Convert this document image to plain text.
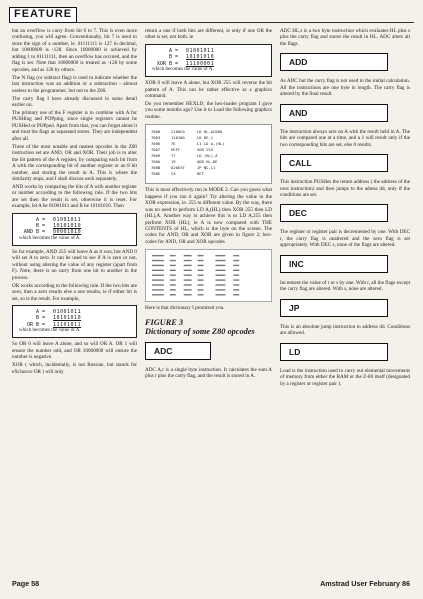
FEATURE

but an overflow is carry from bit 6 to 7. This is even more confusing, you will agree. Conventionally, bit 7 is used to store the sign of a number, ie. 01111111 is 127 in decimal, but 10000000 is -128. Since 10000000 is achieved by adding 1 to 01111111, then an overflow has occured, and the flag is set. Note that 10000000 is treated as -128 by some opcodes, and as 128 by others.

The N flag (or subtract flag) is used to indicate whether the last instruction was an addition or a subtraction - almost useless to the programmer, but not to the Z80.

The carry flag I have already discussed in some detail earlier on.

The primary use of the F register is to combine with A for PUSHing and POPping, since single registers cannot be PUSHed or POPped. Apart from that, you can forget about it and treat the flags as separated stores. They are independent after all.

Three of the most notable and neatest opcodes in the Z80 instruction set are AND, OR and XOR. Their job is to alter the bit pattern of the A register, by comparing each bit from A with the corresponding bit of another register or an 8 bit number, and storing the result in A. This is where the similarity stops, and I shall discuss each separately.

AND works by comparing the bits of A with another register or number according to the following rule. If the two bits are set then the result is set, otherwise it is reset. For example, let A be 01001011 and B be 10101010. Then

A =	01001011
B =	10101010
AND B =	00001010
which becomes the value of A.

So for example, AND 255 will leave A as it was, but AND 0 will set A to zero. It can be used to see if A is zero or not, without using altering the value of any register (apart from F). Note, there is no carry from one bit to another in the process.

OR works according to the following rule. If the two bits are zero, then a zero results else a one results, ie if either bit is set, so is the result. For example,

A =	01001011
B =	10101010
OR B =	11101011
which becomes the value of A.

So OR 0 will leave A alone, and so will OR A. OR 1 will ensure the number odd, and OR 10000000 will ensure the number is negative.

XOR ( which, incidentally, is not Russian, but stands for eXclusive OR ) will only

return a one if both bits are different, ie only if one OR the other is set, not both. ie

A =	01001011
B =	10101010
XOR B =	11100001
which becomes the value of A.

XOR 0 will leave A alone, but XOR 255 will reverse the bit pattern of A. This can be rather effective as a graphics command.

Do you remember HEXLD, the hex-loader program I gave you some months ago? Use it to Load the following graphics routine.

7000	2100C0	LD HL,&C000
7003	110180	LD DE,1
7006	7E	L1 LD A,(HL)
7007	EEFF	XOR 255
7009	77	LD (HL),A
700A	19	ADD HL,DE
700B	D2067E	JP NC,L1
700E	C9	RET

This is most effectively run in MODE 2. Can you guess what happens if you run it again? Try altering the value in the XOR expression, ie. 255 to different value. By the way, there was no need to perform LD A,(HL) then XOR 255 then LD (HL),A. Another way to achieve this is to LD A,255 then perform XOR (HL), ie A is now compared with THE CONTENTS of HL, which is the byte on the screen. The codes for AND, OR and XOR are given in figure 2; hex-codes for AND, OR and XOR opcodes

Here is that dictionary I promised you.

FIGURE 3
Dictionary of some Z80 opcodes
ADC

ADC A,r is a single byte instruction. It calculates the sum A plus r plus the carry flag, and the result is stored in A.

ADC HL,s is a two byte instruction which evaluates HL plus s plus the carry flag and stores the result in HL. ADC alters all the flags.

ADD

As ADC but the carry flag is not used in the initial calculation. All the instructions are one byte in length. The carry flag is altered by the final result.

AND

The instruction always acts on A with the result held in A. The bits are compared one at a time, and a 1 will result only if the two corresponding bits are set, else 0 results.

CALL

This instruction PUSHes the return address ( the address of the next instruction) and then jumps to the adress dd, only if the conditions are set.

DEC

The register or register pair is decremented by one. With DEC r, the carry flag is unaltered and the zero flag is set appropriately. With DEC s, none of the flags are altered.

INC

Increment the value of r or s by one. With r, all the flags except the carry flag are altered. With s, none are altered.

JP

This is an absolute jump instruction to address dd. Conditions are allowed.

LD

Load is the instruction used to carry out elemental movements of memory from either the RAM or the Z-80 itself (designated by a register or register pair ).

Page 58	Amstrad User February 86
